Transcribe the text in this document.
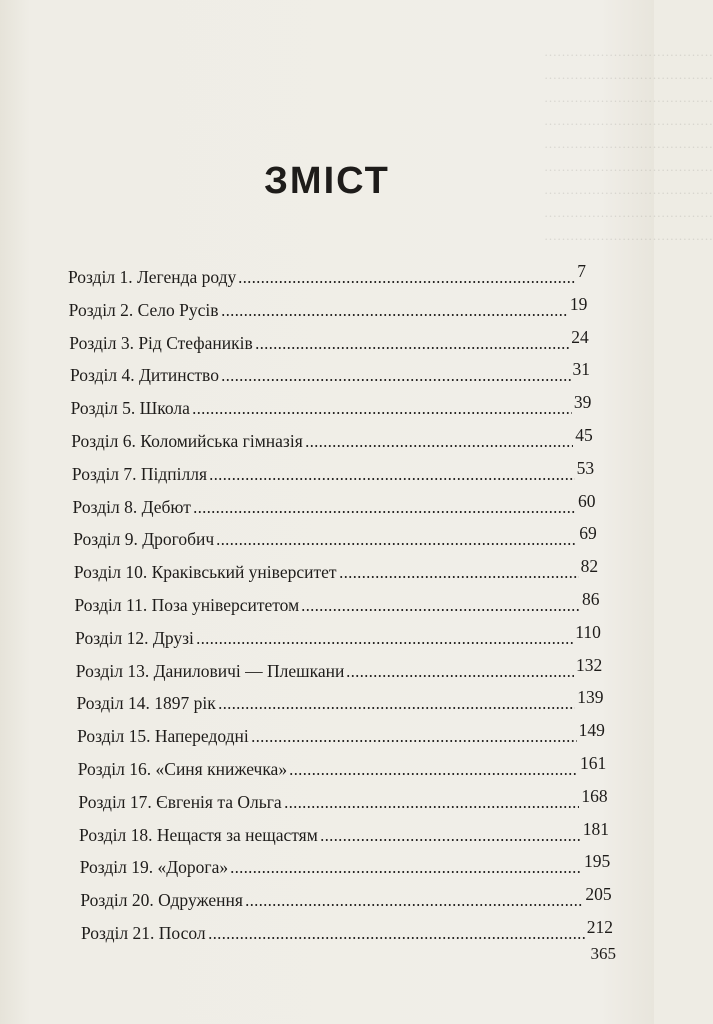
…………………………………
…………………………………
…………………………………
…………………………………
…………………………………
…………………………………
…………………………………
…………………………………
…………………………………
ЗМІСТ
Розділ 1. Легенда роду	7
Розділ 2. Село Русів	19
Розділ 3. Рід Стефаників	24
Розділ 4. Дитинство	31
Розділ 5. Школа	39
Розділ 6. Коломийська гімназія	45
Розділ 7. Підпілля	53
Розділ 8. Дебют	60
Розділ 9. Дрогобич	69
Розділ 10. Краківський університет	82
Розділ 11. Поза університетом	86
Розділ 12. Друзі	110
Розділ 13. Даниловичі — Плешкани	132
Розділ 14. 1897 рік	139
Розділ 15. Напередодні	149
Розділ 16. «Синя книжечка»	161
Розділ 17. Євгенія та Ольга	168
Розділ 18. Нещастя за нещастям	181
Розділ 19. «Дорога»	195
Розділ 20. Одруження	205
Розділ 21. Посол	212
365
